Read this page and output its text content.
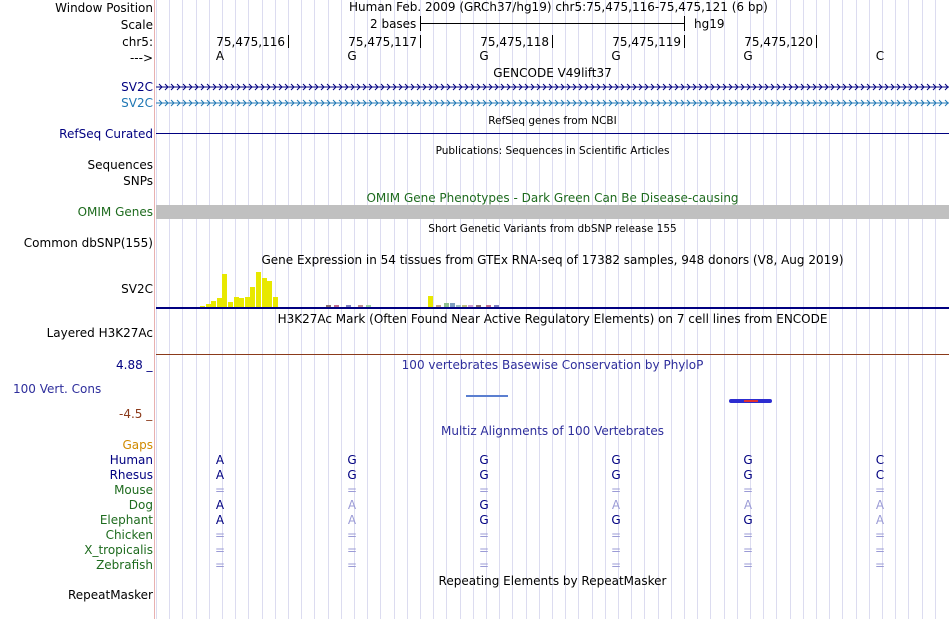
Window Position
Scale
chr5:
--->
Human Feb. 2009 (GRCh37/hg19) chr5:75,475,116-75,475,121 (6 bp)
2 bases	hg19
75,475,116	75,475,117	75,475,118	75,475,119	75,475,120
A	G	G	G	G	C
GENCODE V49lift37
SV2C
SV2C
RefSeq genes from NCBI
RefSeq Curated
Publications: Sequences in Scientific Articles
Sequences
SNPs
OMIM Gene Phenotypes - Dark Green Can Be Disease-causing
OMIM Genes
Short Genetic Variants from dbSNP release 155
Common dbSNP(155)
Gene Expression in 54 tissues from GTEx RNA-seq of 17382 samples, 948 donors (V8, Aug 2019)
SV2C
H3K27Ac Mark (Often Found Near Active Regulatory Elements) on 7 cell lines from ENCODE
Layered H3K27Ac
4.88 _	100 vertebrates Basewise Conservation by PhyloP
100 Vert. Cons
-4.5 _
Multiz Alignments of 100 Vertebrates
Gaps
Human	A	G	G	G	G	C
Rhesus	A	G	G	G	G	C
Mouse	=	=	=	=	=	=
Dog	A	A	G	A	A	A
Elephant	A	A	G	G	G	A
Chicken	=	=	=	=	=	=
X_tropicalis	=	=	=	=	=	=
Zebrafish	=	=	=	=	=	=
Repeating Elements by RepeatMasker
RepeatMasker
